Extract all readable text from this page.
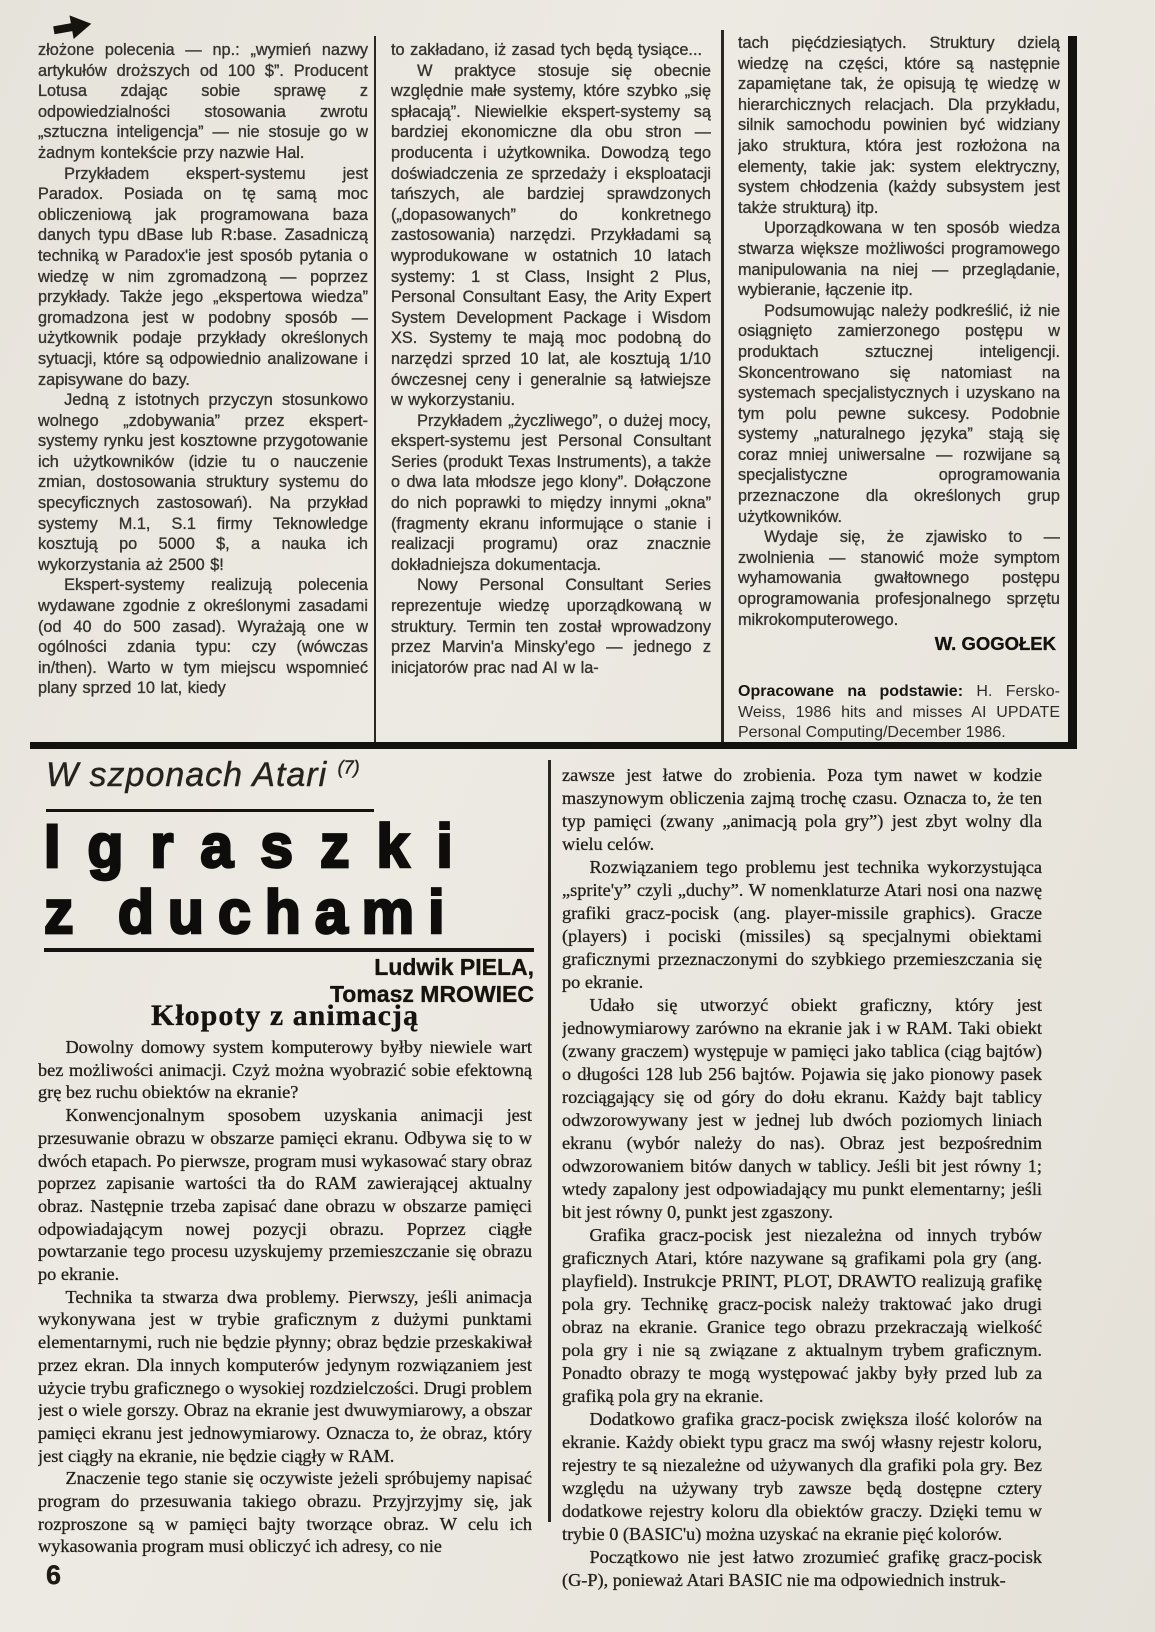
złożone polecenia — np.: „wymień nazwy artykułów droższych od 100 $”. Producent Lotusa zdając sobie sprawę z odpowiedzialności stosowania zwrotu „sztuczna inteligencja” — nie stosuje go w żadnym kontekście przy nazwie Hal.

Przykładem ekspert-systemu jest Paradox. Posiada on tę samą moc obliczeniową jak programowana baza danych typu dBase lub R:base. Zasadniczą techniką w Paradox'ie jest sposób pytania o wiedzę w nim zgromadzoną — poprzez przykłady. Także jego „ekspertowa wiedza” gromadzona jest w podobny sposób — użytkownik podaje przykłady określonych sytuacji, które są odpowiednio analizowane i zapisywane do bazy.

Jedną z istotnych przyczyn stosunkowo wolnego „zdobywania” przez ekspert-systemy rynku jest kosztowne przygotowanie ich użytkowników (idzie tu o nauczenie zmian, dostosowania struktury systemu do specyficznych zastosowań). Na przykład systemy M.1, S.1 firmy Teknowledge kosztują po 5000 $, a nauka ich wykorzystania aż 2500 $!

Ekspert-systemy realizują polecenia wydawane zgodnie z określonymi zasadami (od 40 do 500 zasad). Wyrażają one w ogólności zdania typu: czy (wówczas in/then). Warto w tym miejscu wspomnieć plany sprzed 10 lat, kiedy

to zakładano, iż zasad tych będą tysiące...

W praktyce stosuje się obecnie względnie małe systemy, które szybko „się spłacają”. Niewielkie ekspert-systemy są bardziej ekonomiczne dla obu stron — producenta i użytkownika. Dowodzą tego doświadczenia ze sprzedaży i eksploatacji tańszych, ale bardziej sprawdzonych („dopasowanych” do konkretnego zastosowania) narzędzi. Przykładami są wyprodukowane w ostatnich 10 latach systemy: 1 st Class, Insight 2 Plus, Personal Consultant Easy, the Arity Expert System Development Package i Wisdom XS. Systemy te mają moc podobną do narzędzi sprzed 10 lat, ale kosztują 1/10 ówczesnej ceny i generalnie są łatwiejsze w wykorzystaniu.

Przykładem „życzliwego”, o dużej mocy, ekspert-systemu jest Personal Consultant Series (produkt Texas Instruments), a także o dwa lata młodsze jego klony”. Dołączone do nich poprawki to między innymi „okna” (fragmenty ekranu informujące o stanie i realizacji programu) oraz znacznie dokładniejsza dokumentacja.

Nowy Personal Consultant Series reprezentuje wiedzę uporządkowaną w struktury. Termin ten został wprowadzony przez Marvin'a Minsky'ego — jednego z inicjatorów prac nad AI w la-

tach pięćdziesiątych. Struktury dzielą wiedzę na części, które są następnie zapamiętane tak, że opisują tę wiedzę w hierarchicznych relacjach. Dla przykładu, silnik samochodu powinien być widziany jako struktura, która jest rozłożona na elementy, takie jak: system elektryczny, system chłodzenia (każdy subsystem jest także strukturą) itp.

Uporządkowana w ten sposób wiedza stwarza większe możliwości programowego manipulowania na niej — przeglądanie, wybieranie, łączenie itp.

Podsumowując należy podkreślić, iż nie osiągnięto zamierzonego postępu w produktach sztucznej inteligencji. Skoncentrowano się natomiast na systemach specjalistycznych i uzyskano na tym polu pewne sukcesy. Podobnie systemy „naturalnego języka” stają się coraz mniej uniwersalne — rozwijane są specjalistyczne oprogramowania przeznaczone dla określonych grup użytkowników.

Wydaje się, że zjawisko to — zwolnienia — stanowić może symptom wyhamowania gwałtownego postępu oprogramowania profesjonalnego sprzętu mikrokomputerowego.

W. GOGOŁEK

Opracowane na podstawie: H. Fersko-Weiss, 1986 hits and misses AI UPDATE Personal Computing/December 1986.

W szponach Atari $^{(7)}$
Igraszki
z duchami
Ludwik PIELA,
Tomasz MROWIEC
Kłopoty z animacją

Dowolny domowy system komputerowy byłby niewiele wart bez możliwości animacji. Czyż można wyobrazić sobie efektowną grę bez ruchu obiektów na ekranie?

Konwencjonalnym sposobem uzyskania animacji jest przesuwanie obrazu w obszarze pamięci ekranu. Odbywa się to w dwóch etapach. Po pierwsze, program musi wykasować stary obraz poprzez zapisanie wartości tła do RAM zawierającej aktualny obraz. Następnie trzeba zapisać dane obrazu w obszarze pamięci odpowiadającym nowej pozycji obrazu. Poprzez ciągłe powtarzanie tego procesu uzyskujemy przemieszczanie się obrazu po ekranie.

Technika ta stwarza dwa problemy. Pierwszy, jeśli animacja wykonywana jest w trybie graficznym z dużymi punktami elementarnymi, ruch nie będzie płynny; obraz będzie przeskakiwał przez ekran. Dla innych komputerów jedynym rozwiązaniem jest użycie trybu graficznego o wysokiej rozdzielczości. Drugi problem jest o wiele gorszy. Obraz na ekranie jest dwuwymiarowy, a obszar pamięci ekranu jest jednowymiarowy. Oznacza to, że obraz, który jest ciągły na ekranie, nie będzie ciągły w RAM.

Znaczenie tego stanie się oczywiste jeżeli spróbujemy napisać program do przesuwania takiego obrazu. Przyjrzyjmy się, jak rozproszone są w pamięci bajty tworzące obraz. W celu ich wykasowania program musi obliczyć ich adresy, co nie

zawsze jest łatwe do zrobienia. Poza tym nawet w kodzie maszynowym obliczenia zajmą trochę czasu. Oznacza to, że ten typ pamięci (zwany „animacją pola gry”) jest zbyt wolny dla wielu celów.

Rozwiązaniem tego problemu jest technika wykorzystująca „sprite'y” czyli „duchy”. W nomenklaturze Atari nosi ona nazwę grafiki gracz-pocisk (ang. player-missile graphics). Gracze (players) i pociski (missiles) są specjalnymi obiektami graficznymi przeznaczonymi do szybkiego przemieszczania się po ekranie.

Udało się utworzyć obiekt graficzny, który jest jednowymiarowy zarówno na ekranie jak i w RAM. Taki obiekt (zwany graczem) występuje w pamięci jako tablica (ciąg bajtów) o długości 128 lub 256 bajtów. Pojawia się jako pionowy pasek rozciągający się od góry do dołu ekranu. Każdy bajt tablicy odwzorowywany jest w jednej lub dwóch poziomych liniach ekranu (wybór należy do nas). Obraz jest bezpośrednim odwzorowaniem bitów danych w tablicy. Jeśli bit jest równy 1; wtedy zapalony jest odpowiadający mu punkt elementarny; jeśli bit jest równy 0, punkt jest zgaszony.

Grafika gracz-pocisk jest niezależna od innych trybów graficznych Atari, które nazywane są grafikami pola gry (ang. playfield). Instrukcje PRINT, PLOT, DRAWTO realizują grafikę pola gry. Technikę gracz-pocisk należy traktować jako drugi obraz na ekranie. Granice tego obrazu przekraczają wielkość pola gry i nie są związane z aktualnym trybem graficznym. Ponadto obrazy te mogą występować jakby były przed lub za grafiką pola gry na ekranie.

Dodatkowo grafika gracz-pocisk zwiększa ilość kolorów na ekranie. Każdy obiekt typu gracz ma swój własny rejestr koloru, rejestry te są niezależne od używanych dla grafiki pola gry. Bez względu na używany tryb zawsze będą dostępne cztery dodatkowe rejestry koloru dla obiektów graczy. Dzięki temu w trybie 0 (BASIC'u) można uzyskać na ekranie pięć kolorów.

Początkowo nie jest łatwo zrozumieć grafikę gracz-pocisk (G-P), ponieważ Atari BASIC nie ma odpowiednich instruk-

6
